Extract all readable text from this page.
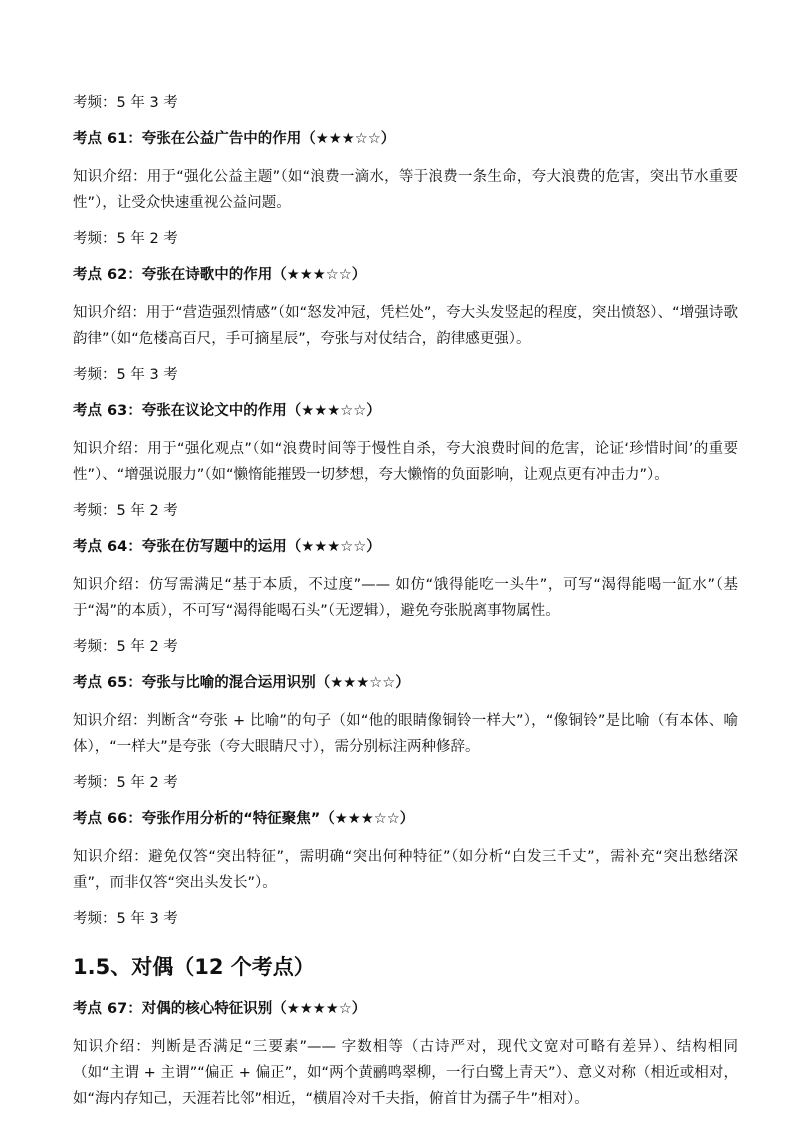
考频：5 年 3 考

考点 61：夸张在公益广告中的作用（★★★☆☆）

知识介绍：用于“强化公益主题”（如“浪费一滴水，等于浪费一条生命，夸大浪费的危害，突出节水重要性”），让受众快速重视公益问题。

考频：5 年 2 考

考点 62：夸张在诗歌中的作用（★★★☆☆）

知识介绍：用于“营造强烈情感”（如“怒发冲冠，凭栏处”，夸大头发竖起的程度，突出愤怒）、“增强诗歌韵律”（如“危楼高百尺，手可摘星辰”，夸张与对仗结合，韵律感更强）。

考频：5 年 3 考

考点 63：夸张在议论文中的作用（★★★☆☆）

知识介绍：用于“强化观点”（如“浪费时间等于慢性自杀，夸大浪费时间的危害，论证‘珍惜时间’的重要性”）、“增强说服力”（如“懒惰能摧毁一切梦想，夸大懒惰的负面影响，让观点更有冲击力”）。

考频：5 年 2 考

考点 64：夸张在仿写题中的运用（★★★☆☆）

知识介绍：仿写需满足“基于本质，不过度”—— 如仿“饿得能吃一头牛”，可写“渴得能喝一缸水”（基于“渴”的本质），不可写“渴得能喝石头”（无逻辑），避免夸张脱离事物属性。

考频：5 年 2 考

考点 65：夸张与比喻的混合运用识别（★★★☆☆）

知识介绍：判断含“夸张 + 比喻”的句子（如“他的眼睛像铜铃一样大”），“像铜铃”是比喻（有本体、喻体），“一样大”是夸张（夸大眼睛尺寸），需分别标注两种修辞。

考频：5 年 2 考

考点 66：夸张作用分析的“特征聚焦”（★★★☆☆）

知识介绍：避免仅答“突出特征”，需明确“突出何种特征”（如分析“白发三千丈”，需补充“突出愁绪深重”，而非仅答“突出头发长”）。

考频：5 年 3 考

1.5、对偶（12 个考点）

考点 67：对偶的核心特征识别（★★★★☆）

知识介绍：判断是否满足“三要素”—— 字数相等（古诗严对，现代文宽对可略有差异）、结构相同（如“主谓 + 主谓”“偏正 + 偏正”，如“两个黄鹂鸣翠柳，一行白鹭上青天”）、意义对称（相近或相对，如“海内存知己，天涯若比邻”相近，“横眉冷对千夫指，俯首甘为孺子牛”相对）。
